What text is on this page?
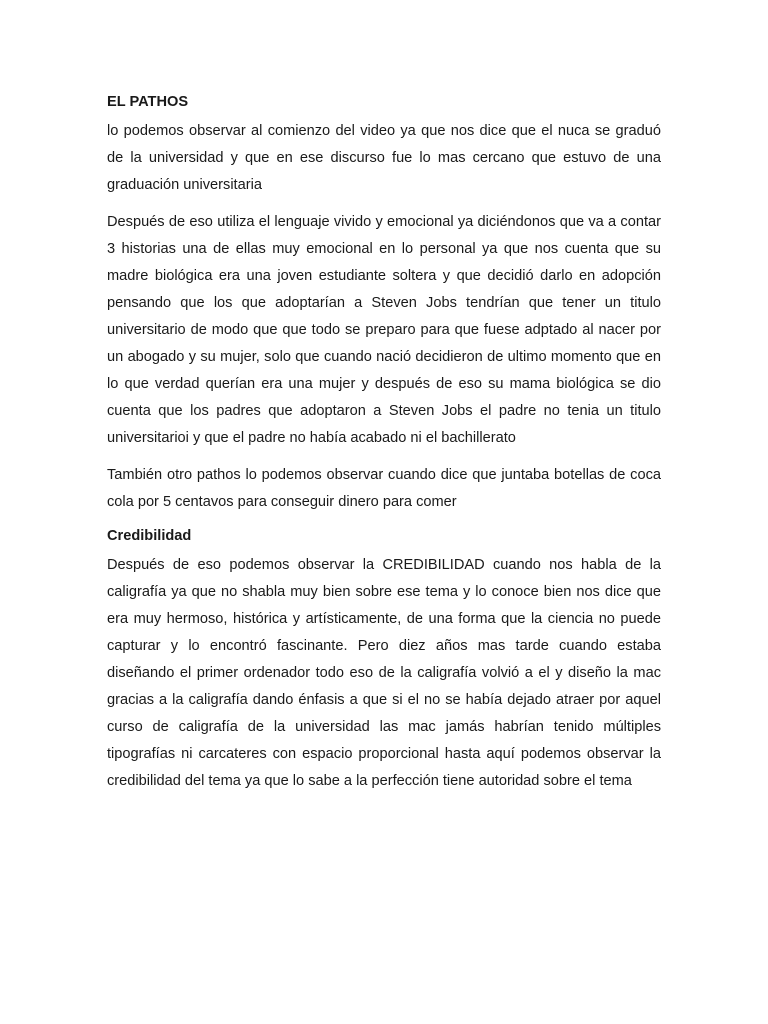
EL PATHOS

lo podemos observar al comienzo del video ya que nos dice que el nuca se graduó de la universidad y que en ese discurso fue lo mas cercano que estuvo de una graduación universitaria

Después de eso utiliza el lenguaje vivido y emocional ya diciéndonos que va a contar 3 historias una de ellas muy emocional en lo personal ya que nos cuenta que su madre biológica era una joven estudiante soltera y que decidió darlo en adopción pensando que los que adoptarían a Steven Jobs tendrían que tener un titulo universitario de modo que que todo se preparo para que fuese adptado al nacer por un abogado y su mujer, solo que cuando nació decidieron de ultimo momento que en lo que verdad querían era una mujer y después de eso su mama biológica se dio cuenta que los padres que adoptaron a Steven Jobs el padre no tenia un titulo universitarioi y que el padre no había acabado ni el bachillerato

También otro pathos lo podemos observar cuando dice que juntaba botellas de coca cola por 5 centavos para conseguir dinero para comer

Credibilidad

Después de eso podemos observar la CREDIBILIDAD cuando nos habla de la caligrafía ya que no shabla muy bien sobre ese tema y lo conoce bien nos dice que era muy hermoso, histórica y artísticamente, de una forma que la ciencia no puede capturar y lo encontró fascinante. Pero diez años mas tarde cuando estaba diseñando el primer ordenador todo eso de la caligrafía volvió a el y diseño la mac gracias a la caligrafía dando énfasis a que si el no se había dejado atraer por aquel curso de caligrafía de la universidad las mac jamás habrían tenido múltiples tipografías ni carcateres con espacio proporcional hasta aquí podemos observar la credibilidad del tema ya que lo sabe a la perfección tiene autoridad sobre el tema
